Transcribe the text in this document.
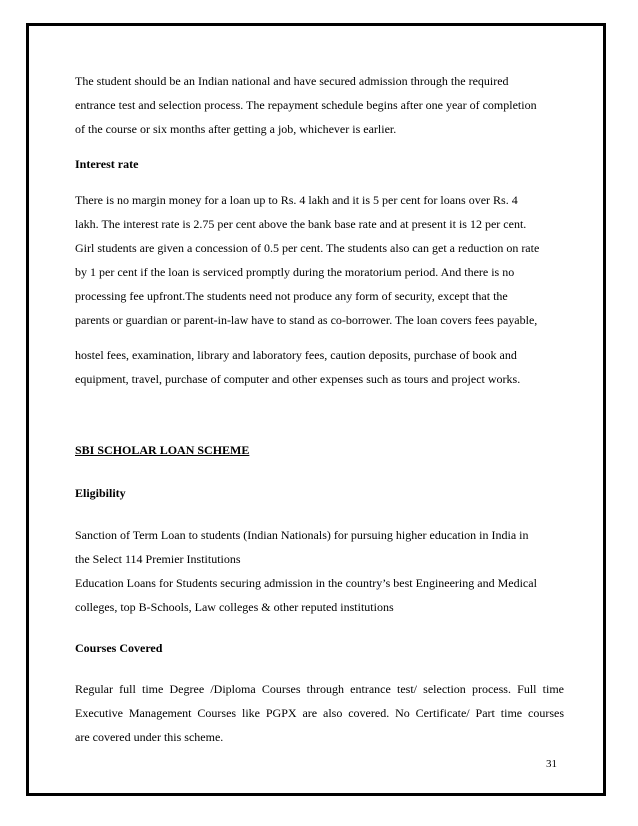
The student should be an Indian national and have secured admission through the required
entrance test and selection process. The repayment schedule begins after one year of completion
of the course or six months after getting a job, whichever is earlier.
Interest rate
There is no margin money for a loan up to Rs. 4 lakh and it is 5 per cent for loans over Rs. 4
lakh. The interest rate is 2.75 per cent above the bank base rate and at present it is 12 per cent.
Girl students are given a concession of 0.5 per cent. The students also can get a reduction on rate
by 1 per cent if the loan is serviced promptly during the moratorium period. And there is no
processing fee upfront.The students need not produce any form of security, except that the
parents or guardian or parent-in-law have to stand as co-borrower. The loan covers fees payable,
hostel fees, examination, library and laboratory fees, caution deposits, purchase of book and
equipment, travel, purchase of computer and other expenses such as tours and project works.
SBI SCHOLAR LOAN SCHEME
Eligibility
Sanction of Term Loan to students (Indian Nationals) for pursuing higher education in India in
the Select 114 Premier Institutions
Education Loans for Students securing admission in the country’s best Engineering and Medical
colleges, top B-Schools, Law colleges & other reputed institutions
Courses Covered
Regular full time Degree /Diploma Courses through entrance test/ selection process. Full time
Executive Management Courses like PGPX are also covered. No Certificate/ Part time courses
are covered under this scheme.
31
